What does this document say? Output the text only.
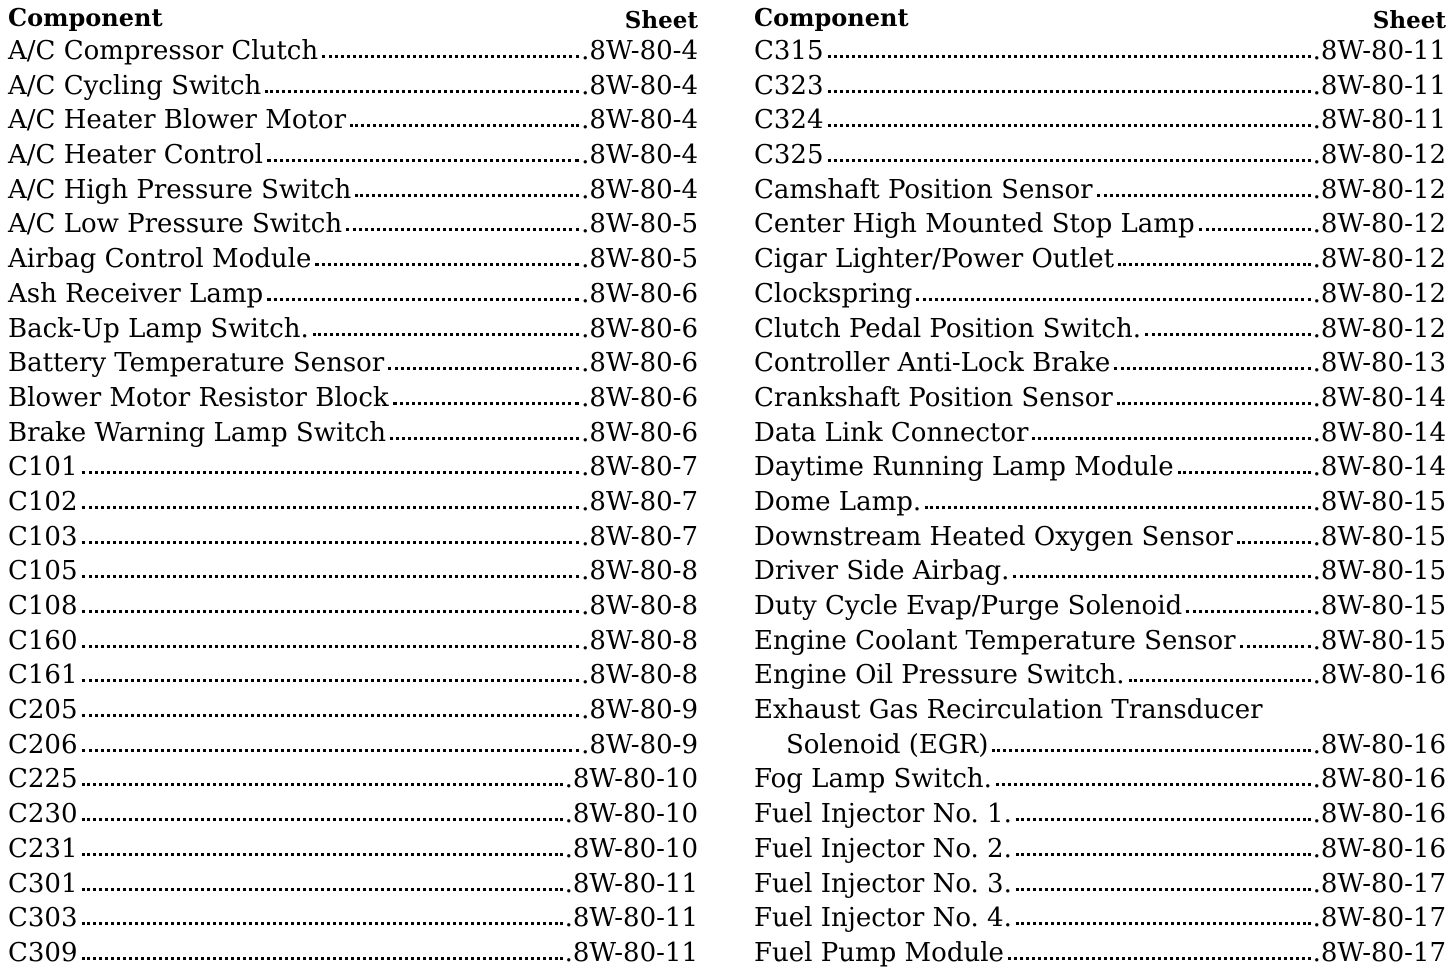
Component	Sheet
A/C Compressor Clutch	.8W-80-4
A/C Cycling Switch	.8W-80-4
A/C Heater Blower Motor	.8W-80-4
A/C Heater Control	.8W-80-4
A/C High Pressure Switch	.8W-80-4
A/C Low Pressure Switch	.8W-80-5
Airbag Control Module	.8W-80-5
Ash Receiver Lamp	.8W-80-6
Back-Up Lamp Switch.	.8W-80-6
Battery Temperature Sensor	.8W-80-6
Blower Motor Resistor Block	.8W-80-6
Brake Warning Lamp Switch	.8W-80-6
C101	.8W-80-7
C102	.8W-80-7
C103	.8W-80-7
C105	.8W-80-8
C108	.8W-80-8
C160	.8W-80-8
C161	.8W-80-8
C205	.8W-80-9
C206	.8W-80-9
C225	.8W-80-10
C230	.8W-80-10
C231	.8W-80-10
C301	.8W-80-11
C303	.8W-80-11
C309	.8W-80-11
Component	Sheet
C315	.8W-80-11
C323	.8W-80-11
C324	.8W-80-11
C325	.8W-80-12
Camshaft Position Sensor	.8W-80-12
Center High Mounted Stop Lamp	.8W-80-12
Cigar Lighter/Power Outlet	.8W-80-12
Clockspring	.8W-80-12
Clutch Pedal Position Switch.	.8W-80-12
Controller Anti-Lock Brake	.8W-80-13
Crankshaft Position Sensor	.8W-80-14
Data Link Connector	.8W-80-14
Daytime Running Lamp Module	.8W-80-14
Dome Lamp.	.8W-80-15
Downstream Heated Oxygen Sensor	.8W-80-15
Driver Side Airbag.	.8W-80-15
Duty Cycle Evap/Purge Solenoid	.8W-80-15
Engine Coolant Temperature Sensor	.8W-80-15
Engine Oil Pressure Switch.	.8W-80-16
Exhaust Gas Recirculation Transducer
Solenoid (EGR)	.8W-80-16
Fog Lamp Switch.	.8W-80-16
Fuel Injector No. 1.	.8W-80-16
Fuel Injector No. 2.	.8W-80-16
Fuel Injector No. 3.	.8W-80-17
Fuel Injector No. 4.	.8W-80-17
Fuel Pump Module	.8W-80-17
